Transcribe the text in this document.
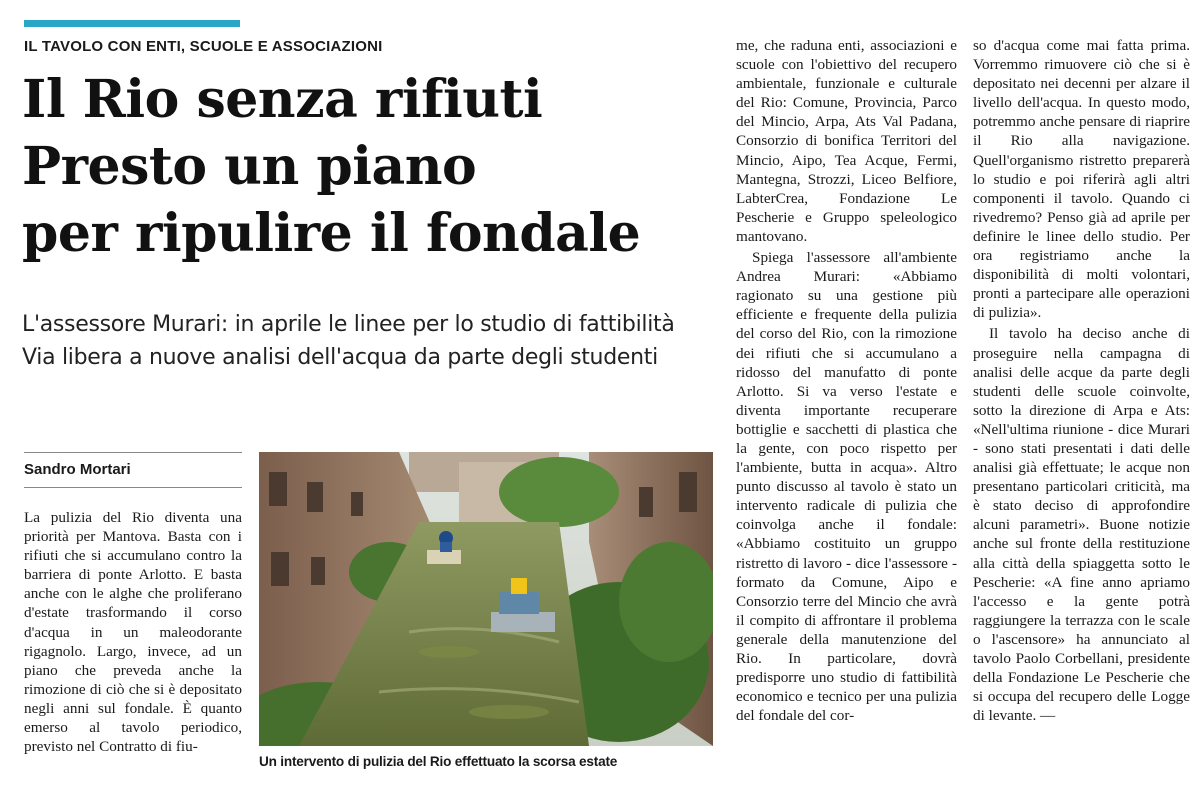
IL TAVOLO CON ENTI, SCUOLE E ASSOCIAZIONI
Il Rio senza rifiuti
Presto un piano
per ripulire il fondale
L'assessore Murari: in aprile le linee per lo studio di fattibilità
Via libera a nuove analisi dell'acqua da parte degli studenti
Sandro Mortari

La pulizia del Rio diventa una priorità per Mantova. Basta con i rifiuti che si accumulano contro la barriera di ponte Arlotto. E basta anche con le alghe che proliferano d'estate trasformando il corso d'acqua in un maleodorante rigagnolo. Largo, invece, ad un piano che preveda anche la rimozione di ciò che si è depositato negli anni sul fondale. È quanto emerso al tavolo periodico, previsto nel Contratto di fiu-

Un intervento di pulizia del Rio effettuato la scorsa estate

me, che raduna enti, associazioni e scuole con l'obiettivo del recupero ambientale, funzionale e culturale del Rio: Comune, Provincia, Parco del Mincio, Arpa, Ats Val Padana, Consorzio di bonifica Territori del Mincio, Aipo, Tea Acque, Fermi, Mantegna, Strozzi, Liceo Belfiore, LabterCrea, Fondazione Le Pescherie e Gruppo speleologico mantovano.

Spiega l'assessore all'ambiente Andrea Murari: «Abbiamo ragionato su una gestione più efficiente e frequente della pulizia del corso del Rio, con la rimozione dei rifiuti che si accumulano a ridosso del manufatto di ponte Arlotto. Si va verso l'estate e diventa importante recuperare bottiglie e sacchetti di plastica che la gente, con poco rispetto per l'ambiente, butta in acqua». Altro punto discusso al tavolo è stato un intervento radicale di pulizia che coinvolga anche il fondale: «Abbiamo costituito un gruppo ristretto di lavoro - dice l'assessore - formato da Comune, Aipo e Consorzio terre del Mincio che avrà il compito di affrontare il problema generale della manutenzione del Rio. In particolare, dovrà predisporre uno studio di fattibilità economico e tecnico per una pulizia del fondale del cor-

so d'acqua come mai fatta prima. Vorremmo rimuovere ciò che si è depositato nei decenni per alzare il livello dell'acqua. In questo modo, potremmo anche pensare di riaprire il Rio alla navigazione. Quell'organismo ristretto preparerà lo studio e poi riferirà agli altri componenti il tavolo. Quando ci rivedremo? Penso già ad aprile per definire le linee dello studio. Per ora registriamo anche la disponibilità di molti volontari, pronti a partecipare alle operazioni di pulizia».

Il tavolo ha deciso anche di proseguire nella campagna di analisi delle acque da parte degli studenti delle scuole coinvolte, sotto la direzione di Arpa e Ats: «Nell'ultima riunione - dice Murari - sono stati presentati i dati delle analisi già effettuate; le acque non presentano particolari criticità, ma è stato deciso di approfondire alcuni parametri». Buone notizie anche sul fronte della restituzione alla città della spiaggetta sotto le Pescherie: «A fine anno apriamo l'accesso e la gente potrà raggiungere la terrazza con le scale o l'ascensore» ha annunciato al tavolo Paolo Corbellani, presidente della Fondazione Le Pescherie che si occupa del recupero delle Logge di levante. —
